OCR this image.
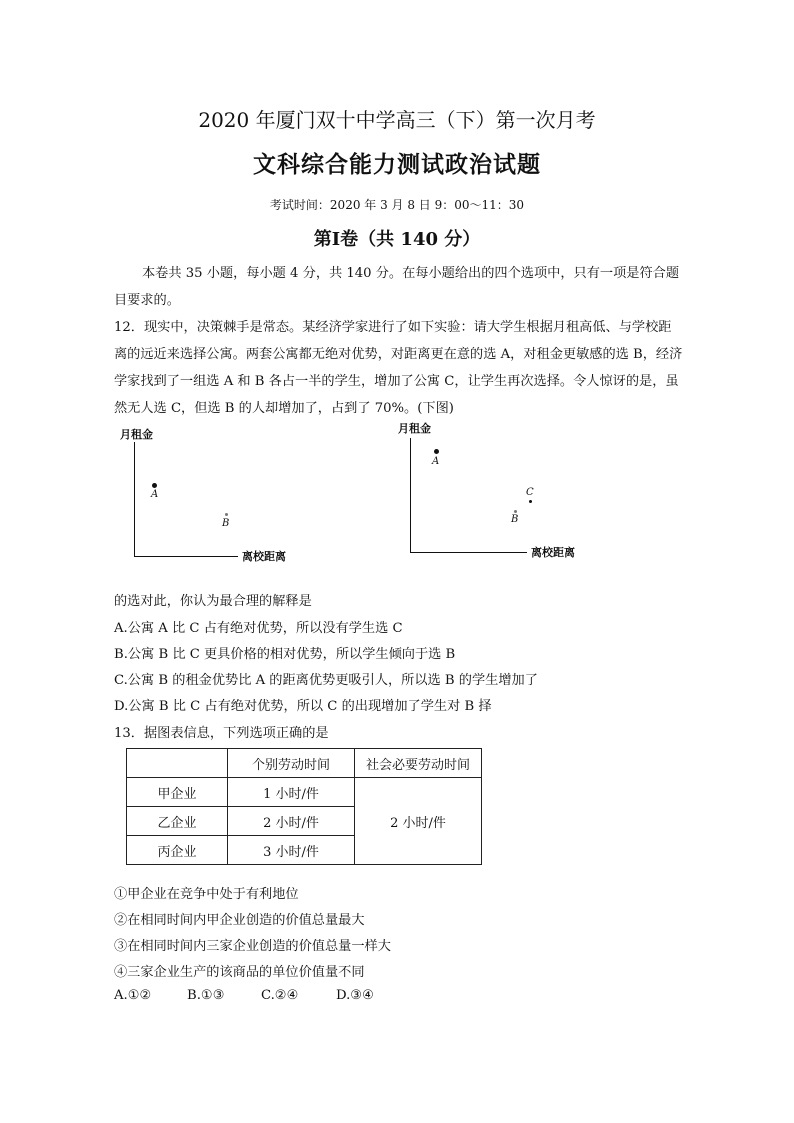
2020 年厦门双十中学高三（下）第一次月考
文科综合能力测试政治试题
考试时间：2020 年 3 月 8 日 9：00～11：30
第Ⅰ卷（共 140 分）
本卷共 35 小题，每小题 4 分，共 140 分。在每小题给出的四个选项中，只有一项是符合题目要求的。
12．现实中，决策棘手是常态。某经济学家进行了如下实验：请大学生根据月租高低、与学校距离的远近来选择公寓。两套公寓都无绝对优势，对距离更在意的选 A，对租金更敏感的选 B，经济学家找到了一组选 A 和 B 各占一半的学生，增加了公寓 C，让学生再次选择。令人惊讶的是，虽然无人选 C，但选 B 的人却增加了，占到了 70%。(下图)
月租金
离校距离
A
B
月租金
离校距离
A
C
B
的选对此，你认为最合理的解释是
A.公寓 A 比 C 占有绝对优势，所以没有学生选 C
B.公寓 B 比 C 更具价格的相对优势，所以学生倾向于选 B
C.公寓 B 的租金优势比 A 的距离优势更吸引人，所以选 B 的学生增加了
D.公寓 B 比 C 占有绝对优势，所以 C 的出现增加了学生对 B 择
13．据图表信息，下列选项正确的是
	个别劳动时间	社会必要劳动时间
甲企业	1 小时/件	2 小时/件
乙企业	2 小时/件	
丙企业	3 小时/件	
①甲企业在竞争中处于有利地位
②在相同时间内甲企业创造的价值总量最大
③在相同时间内三家企业创造的价值总量一样大
④三家企业生产的该商品的单位价值量不同
A.①②	B.①③	C.②④	D.③④
